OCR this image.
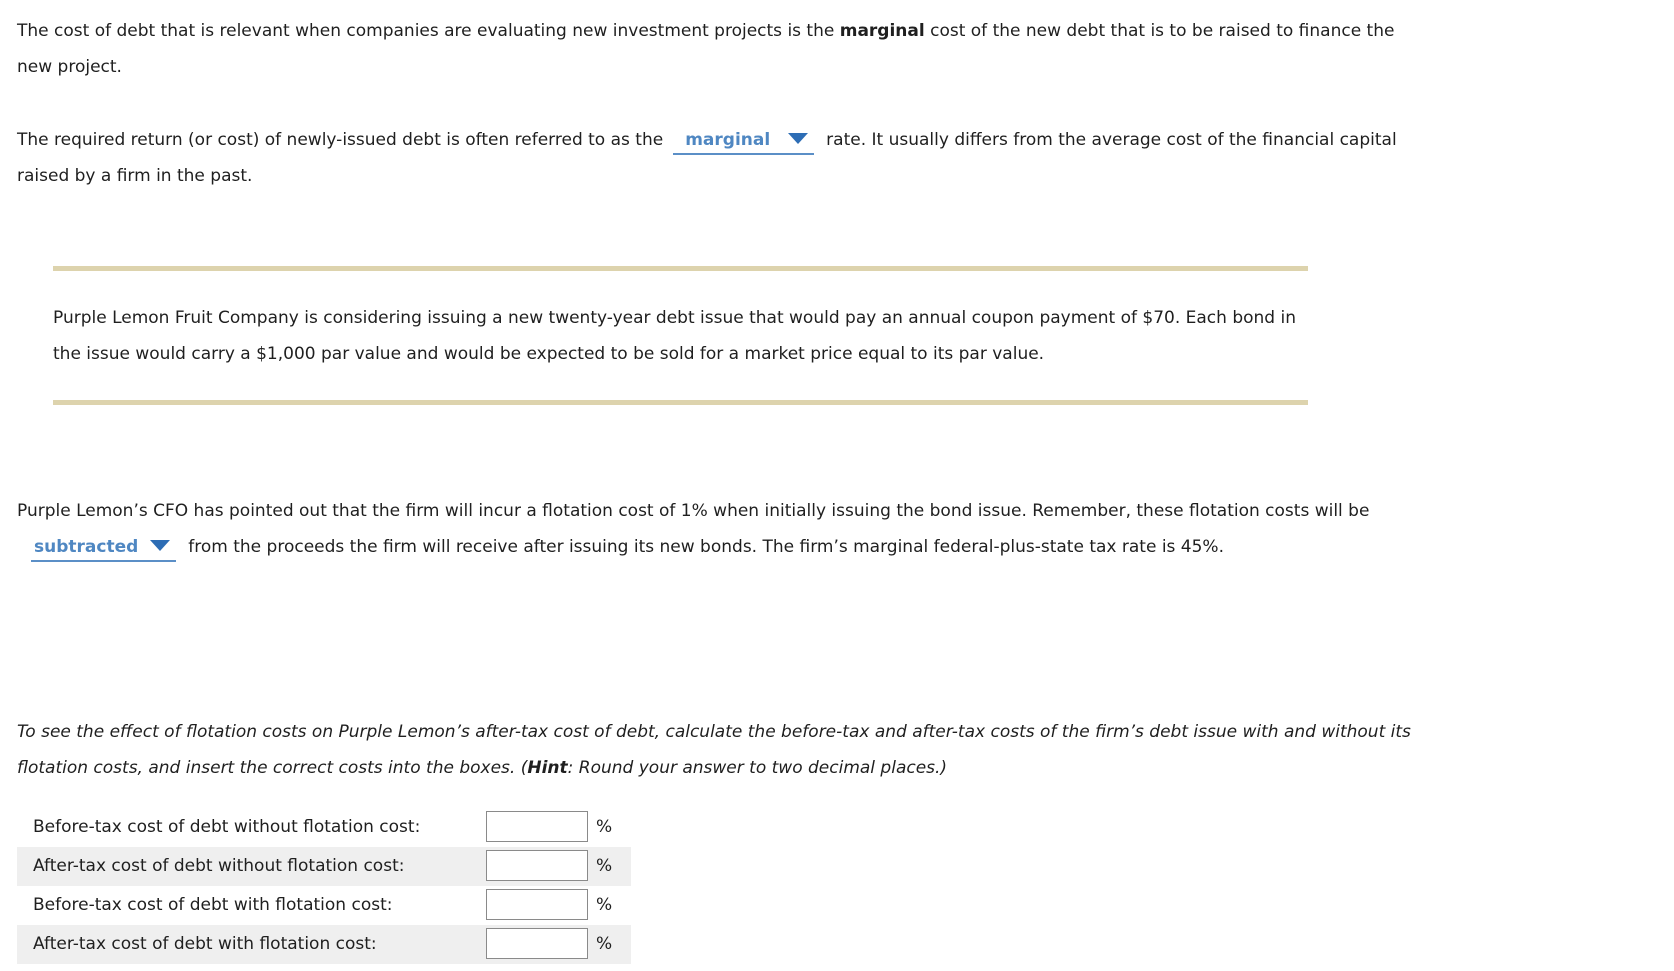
The cost of debt that is relevant when companies are evaluating new investment projects is the marginal cost of the new debt that is to be raised to finance the new project.

The required return (or cost) of newly-issued debt is often referred to as the marginal	rate. It usually differs from the average cost of the financial capital raised by a firm in the past.

Purple Lemon Fruit Company is considering issuing a new twenty-year debt issue that would pay an annual coupon payment of $70. Each bond in the issue would carry a $1,000 par value and would be expected to be sold for a market price equal to its par value.

Purple Lemon’s CFO has pointed out that the firm will incur a flotation cost of 1% when initially issuing the bond issue. Remember, these flotation costs will besubtracted	from the proceeds the firm will receive after issuing its new bonds. The firm’s marginal federal-plus-state tax rate is 45%.

To see the effect of flotation costs on Purple Lemon’s after-tax cost of debt, calculate the before-tax and after-tax costs of the firm’s debt issue with and without its flotation costs, and insert the correct costs into the boxes. (Hint: Round your answer to two decimal places.)

Before-tax cost of debt without flotation cost:	%
After-tax cost of debt without flotation cost:	%
Before-tax cost of debt with flotation cost:	%
After-tax cost of debt with flotation cost:	%
